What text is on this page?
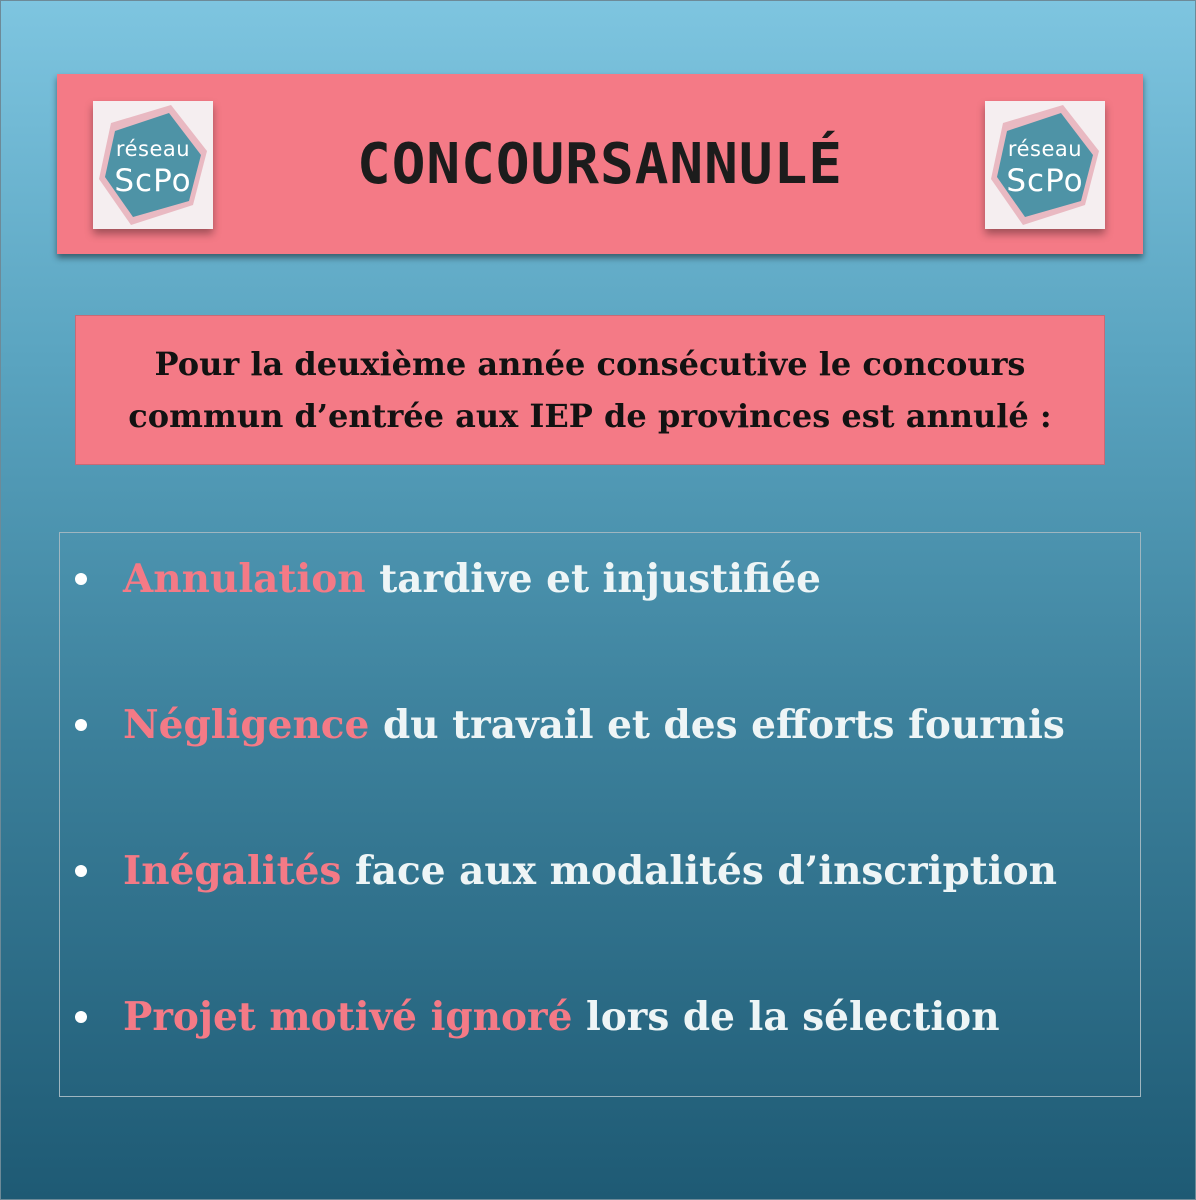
réseau
ScPo	CONCOURS ANNULÉ	réseau
ScPo
Pour la deuxième année consécutive le concours
commun d’entrée aux IEP de provinces est annulé :
Annulation
tardive et injustifiée
Négligence
du travail et des efforts fournis
Inégalités
face aux modalités d’inscription
Projet motivé ignoré
lors de la sélection
